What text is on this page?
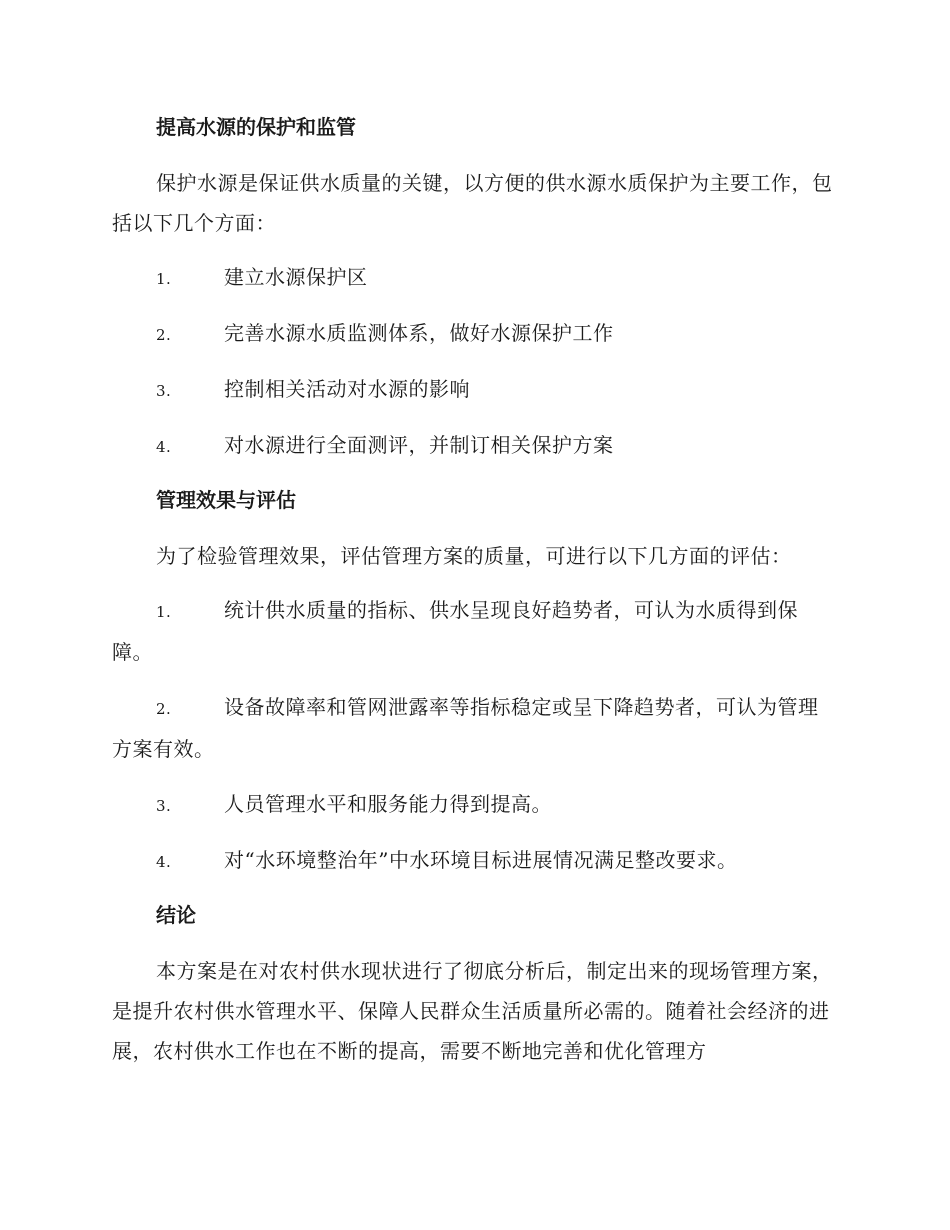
提高水源的保护和监管
保护水源是保证供水质量的关键，以方便的供水源水质保护为主要工作，包括以下几个方面：
1.	建立水源保护区
2.	完善水源水质监测体系，做好水源保护工作
3.	控制相关活动对水源的影响
4.	对水源进行全面测评，并制订相关保护方案
管理效果与评估
为了检验管理效果，评估管理方案的质量，可进行以下几方面的评估：
1.	统计供水质量的指标、供水呈现良好趋势者，可认为水质得到保障。
2.	设备故障率和管网泄露率等指标稳定或呈下降趋势者，可认为管理方案有效。
3.	人员管理水平和服务能力得到提高。
4.	对“水环境整治年”中水环境目标进展情况满足整改要求。
结论
本方案是在对农村供水现状进行了彻底分析后，制定出来的现场管理方案，是提升农村供水管理水平、保障人民群众生活质量所必需的。随着社会经济的进展，农村供水工作也在不断的提高，需要不断地完善和优化管理方
